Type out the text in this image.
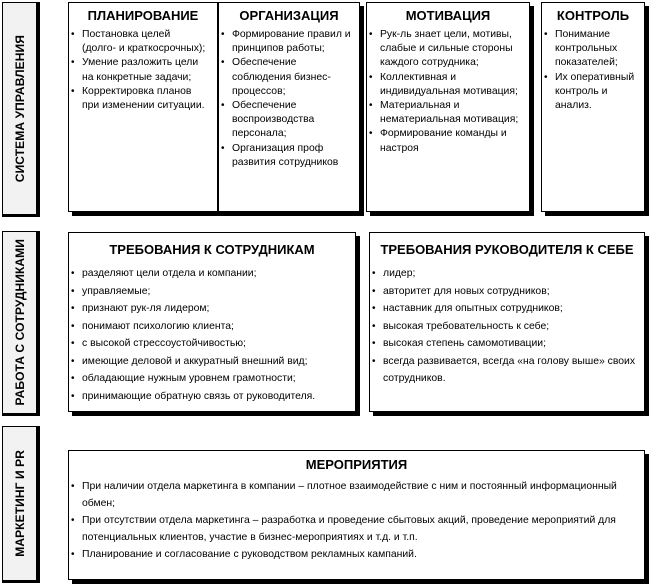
СИСТЕМА УПРАВЛЕНИЯ
ПЛАНИРОВАНИЕ
• Постановка целей (долго- и краткосрочных);
• Умение разложить цели на конкретные задачи;
• Корректировка планов при изменении ситуации.
ОРГАНИЗАЦИЯ
• Формирование правил и принципов работы;
• Обеспечение соблюдения бизнес-процессов;
• Обеспечение воспроизводства персонала;
• Организация проф развития сотрудников
МОТИВАЦИЯ
• Рук-ль знает цели, мотивы, слабые и сильные стороны каждого сотрудника;
• Коллективная и индивидуальная мотивация;
• Материальная и нематериальная мотивация;
• Формирование команды и настроя
КОНТРОЛЬ
• Понимание контрольных показателей;
• Их оперативный контроль и анализ.
РАБОТА С СОТРУДНИКАМИ	ТРЕБОВАНИЯ К СОТРУДНИКАМ
• разделяют цели отдела и компании;
• управляемые;
• признают рук-ля лидером;
• понимают психологию клиента;
• с высокой стрессоустойчивостью;
• имеющие деловой и аккуратный внешний вид;
• обладающие нужным уровнем грамотности;
• принимающие обратную связь от руководителя.
ТРЕБОВАНИЯ РУКОВОДИТЕЛЯ К СЕБЕ
• лидер;
• авторитет для новых сотрудников;
• наставник для опытных сотрудников;
• высокая требовательность к себе;
• высокая степень самомотивации;
• всегда развивается, всегда «на голову выше» своих сотрудников.
МАРКЕТИНГ И PR	МЕРОПРИЯТИЯ
• При наличии отдела маркетинга в компании – плотное взаимодействие с ним и постоянный информационный обмен;
• При отсутствии отдела маркетинга – разработка и проведение сбытовых акций, проведение мероприятий для потенциальных клиентов, участие в бизнес-мероприятиях и т.д. и т.п.
• Планирование и согласование с руководством рекламных кампаний.
